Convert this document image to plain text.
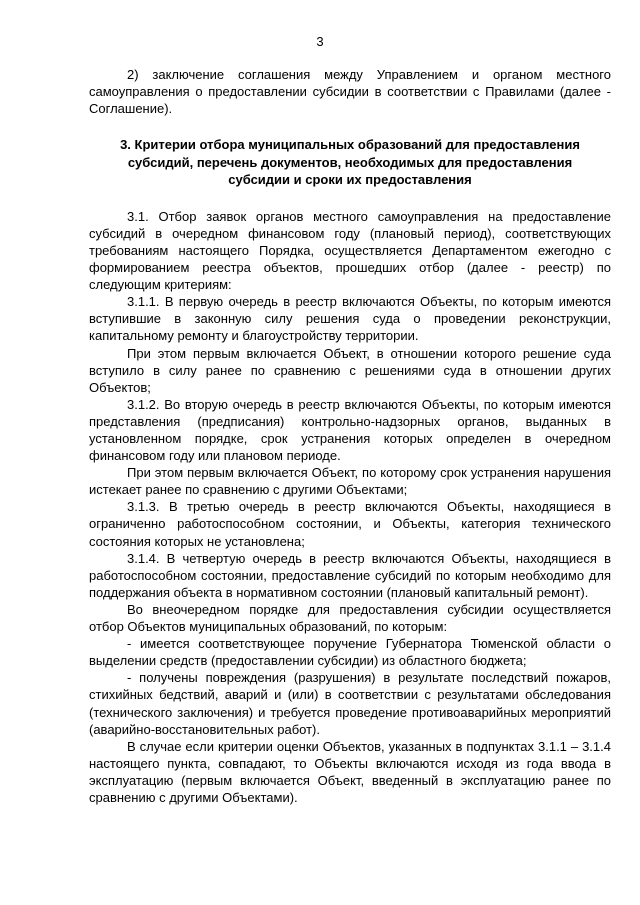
3

2) заключение соглашения между Управлением и органом местного самоуправления о предоставлении субсидии в соответствии с Правилами (далее - Соглашение).

3. Критерии отбора муниципальных образований для предоставления
субсидий, перечень документов, необходимых для предоставления
субсидии и сроки их предоставления

3.1. Отбор заявок органов местного самоуправления на предоставление субсидий в очередном финансовом году (плановый период), соответствующих требованиям настоящего Порядка, осуществляется Департаментом ежегодно с формированием реестра объектов, прошедших отбор (далее - реестр) по следующим критериям:

3.1.1. В первую очередь в реестр включаются Объекты, по которым имеются вступившие в законную силу решения суда о проведении реконструкции, капитальному ремонту и благоустройству территории.

При этом первым включается Объект, в отношении которого решение суда вступило в силу ранее по сравнению с решениями суда в отношении других Объектов;

3.1.2. Во вторую очередь в реестр включаются Объекты, по которым имеются представления (предписания) контрольно-надзорных органов, выданных в установленном порядке, срок устранения которых определен в очередном финансовом году или плановом периоде.

При этом первым включается Объект, по которому срок устранения нарушения истекает ранее по сравнению с другими Объектами;

3.1.3. В третью очередь в реестр включаются Объекты, находящиеся в ограниченно работоспособном состоянии, и Объекты, категория технического состояния которых не установлена;

3.1.4. В четвертую очередь в реестр включаются Объекты, находящиеся в работоспособном состоянии, предоставление субсидий по которым необходимо для поддержания объекта в нормативном состоянии (плановый капитальный ремонт).

Во внеочередном порядке для предоставления субсидии осуществляется отбор Объектов муниципальных образований, по которым:

- имеется соответствующее поручение Губернатора Тюменской области о выделении средств (предоставлении субсидии) из областного бюджета;

- получены повреждения (разрушения) в результате последствий пожаров, стихийных бедствий, аварий и (или) в соответствии с результатами обследования (технического заключения) и требуется проведение противоаварийных мероприятий (аварийно-восстановительных работ).

В случае если критерии оценки Объектов, указанных в подпунктах 3.1.1 – 3.1.4 настоящего пункта, совпадают, то Объекты включаются исходя из года ввода в эксплуатацию (первым включается Объект, введенный в эксплуатацию ранее по сравнению с другими Объектами).
